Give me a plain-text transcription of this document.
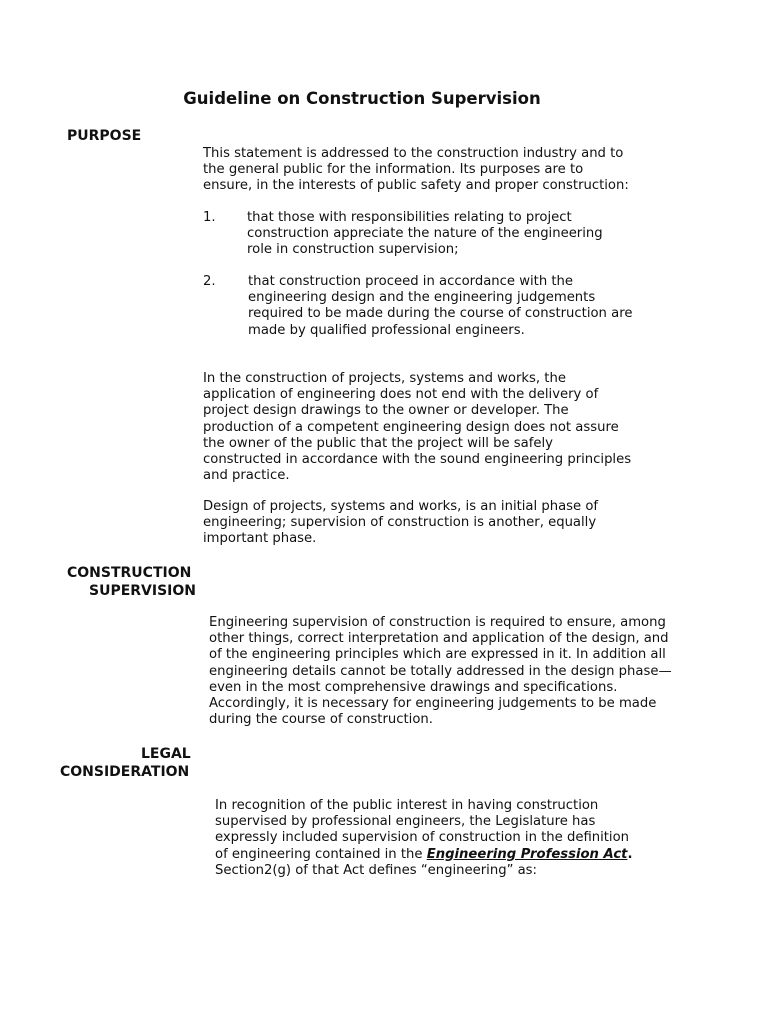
Guideline on Construction Supervision
PURPOSE
This statement is addressed to the construction industry and to
the general public for the information. Its purposes are to
ensure, in the interests of public safety and proper construction:
1. that those with responsibilities relating to project
construction appreciate the nature of the engineering
role in construction supervision;
2. that construction proceed in accordance with the
engineering design and the engineering judgements
required to be made during the course of construction are
made by qualified professional engineers.
In the construction of projects, systems and works, the
application of engineering does not end with the delivery of
project design drawings to the owner or developer. The
production of a competent engineering design does not assure
the owner of the public that the project will be safely
constructed in accordance with the sound engineering principles
and practice.
Design of projects, systems and works, is an initial phase of
engineering; supervision of construction is another, equally
important phase.
CONSTRUCTION
SUPERVISION
Engineering supervision of construction is required to ensure, among
other things, correct interpretation and application of the design, and
of the engineering principles which are expressed in it. In addition all
engineering details cannot be totally addressed in the design phase—
even in the most comprehensive drawings and specifications.
Accordingly, it is necessary for engineering judgements to be made
during the course of construction.
LEGAL
CONSIDERATION
In recognition of the public interest in having construction
supervised by professional engineers, the Legislature has
expressly included supervision of construction in the definition
of engineering contained in the Engineering Profession Act.
Section2(g) of that Act defines “engineering” as:
